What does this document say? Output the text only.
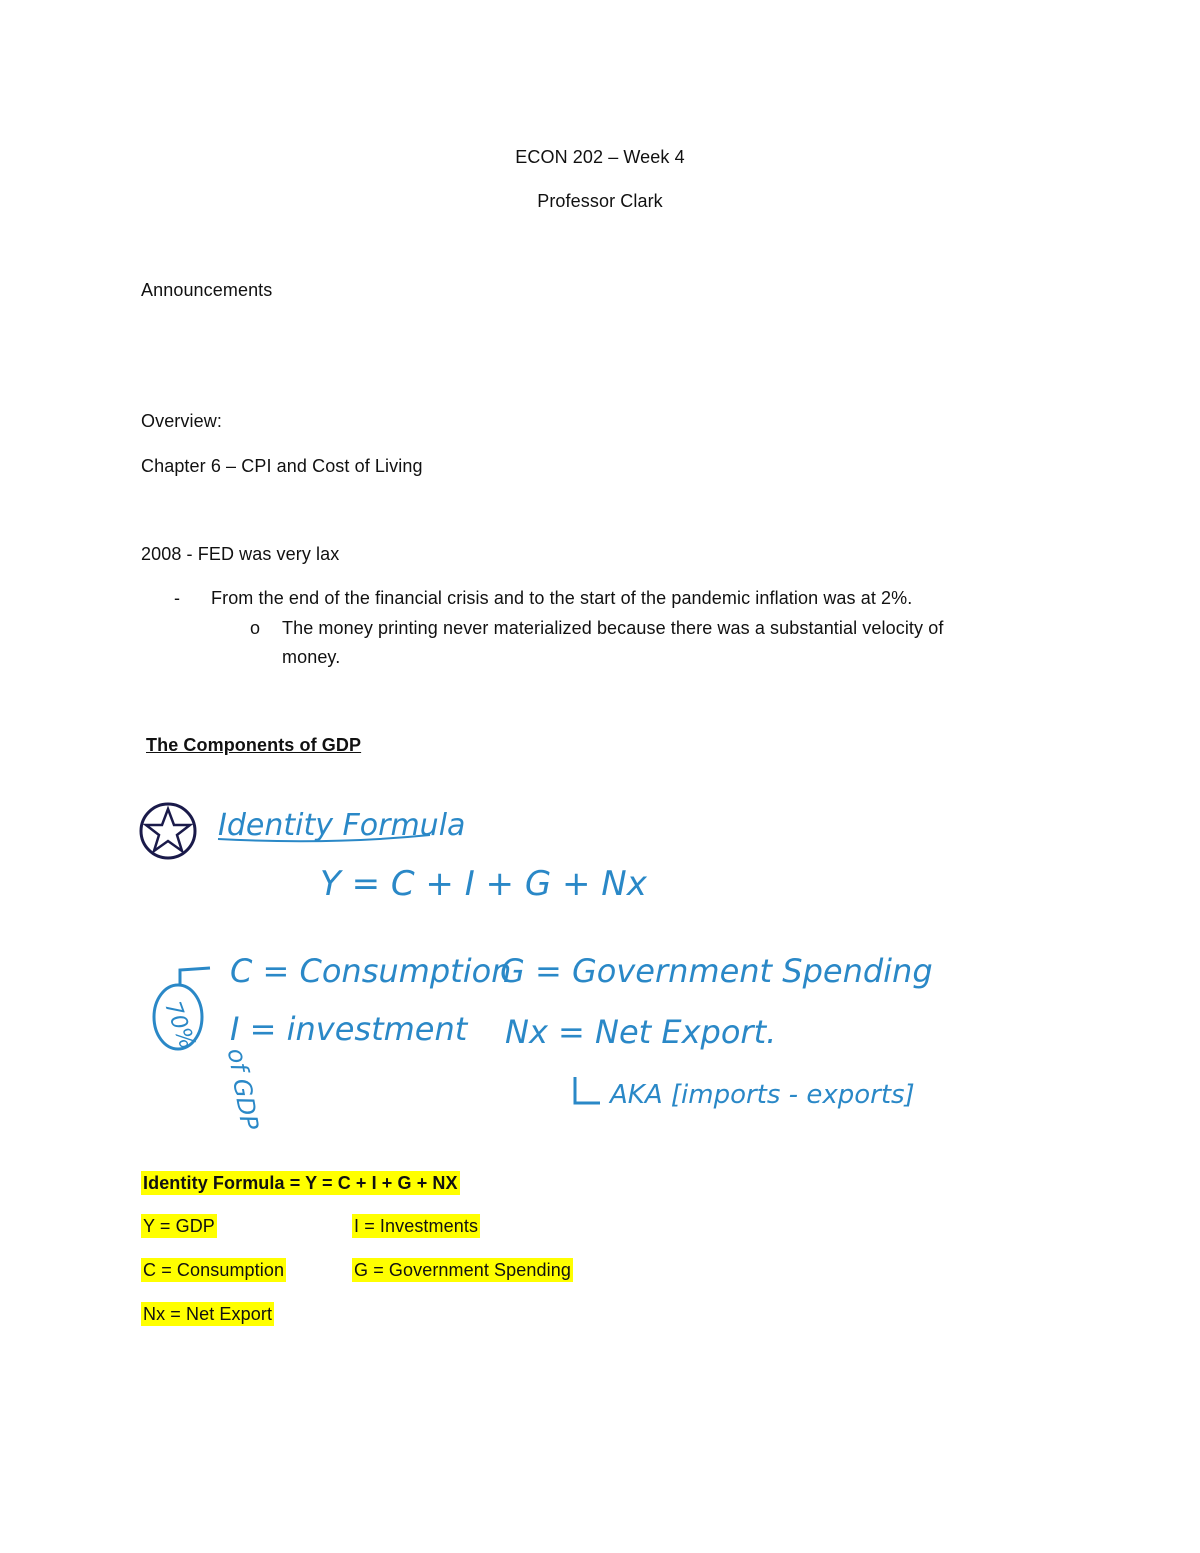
ECON 202 – Week 4
Professor Clark
Announcements
Overview:
Chapter 6 – CPI and Cost of Living
2008 - FED was very lax
- From the end of the financial crisis and to the start of the pandemic inflation was at 2%.
o The money printing never materialized because there was a substantial velocity of
money.
The Components of GDP
Identity Formula
Y = C + I + G + Nx
C = Consumption
G = Government Spending
70%
of GDP
I = investment Nx = Net Export.
AKA [imports - exports]
Identity Formula = Y = C + I + G + NX
Y = GDP	I = Investments
C = Consumption	G = Government Spending
Nx = Net Export
